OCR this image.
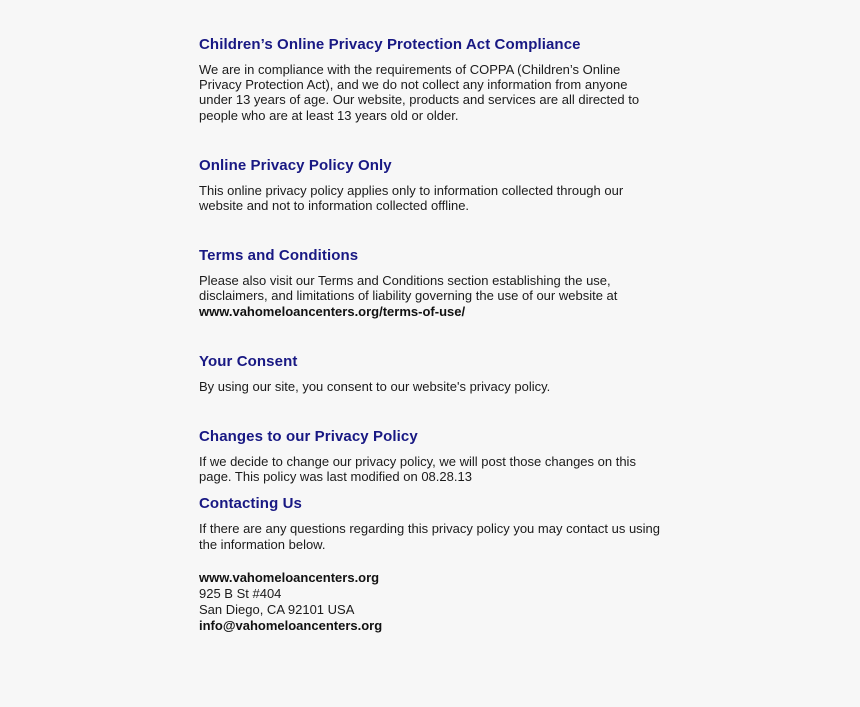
Children’s Online Privacy Protection Act Compliance

We are in compliance with the requirements of COPPA (Children’s Online Privacy Protection Act), and we do not collect any information from anyone under 13 years of age. Our website, products and services are all directed to people who are at least 13 years old or older.

Online Privacy Policy Only

This online privacy policy applies only to information collected through our website and not to information collected offline.

Terms and Conditions

Please also visit our Terms and Conditions section establishing the use, disclaimers, and limitations of liability governing the use of our website at www.vahomeloancenters.org/terms-of-use/

Your Consent

By using our site, you consent to our website's privacy policy.

Changes to our Privacy Policy

If we decide to change our privacy policy, we will post those changes on this page. This policy was last modified on 08.28.13

Contacting Us

If there are any questions regarding this privacy policy you may contact us using the information below.

www.vahomeloancenters.org
925 B St #404
San Diego, CA 92101 USA
info@vahomeloancenters.org
